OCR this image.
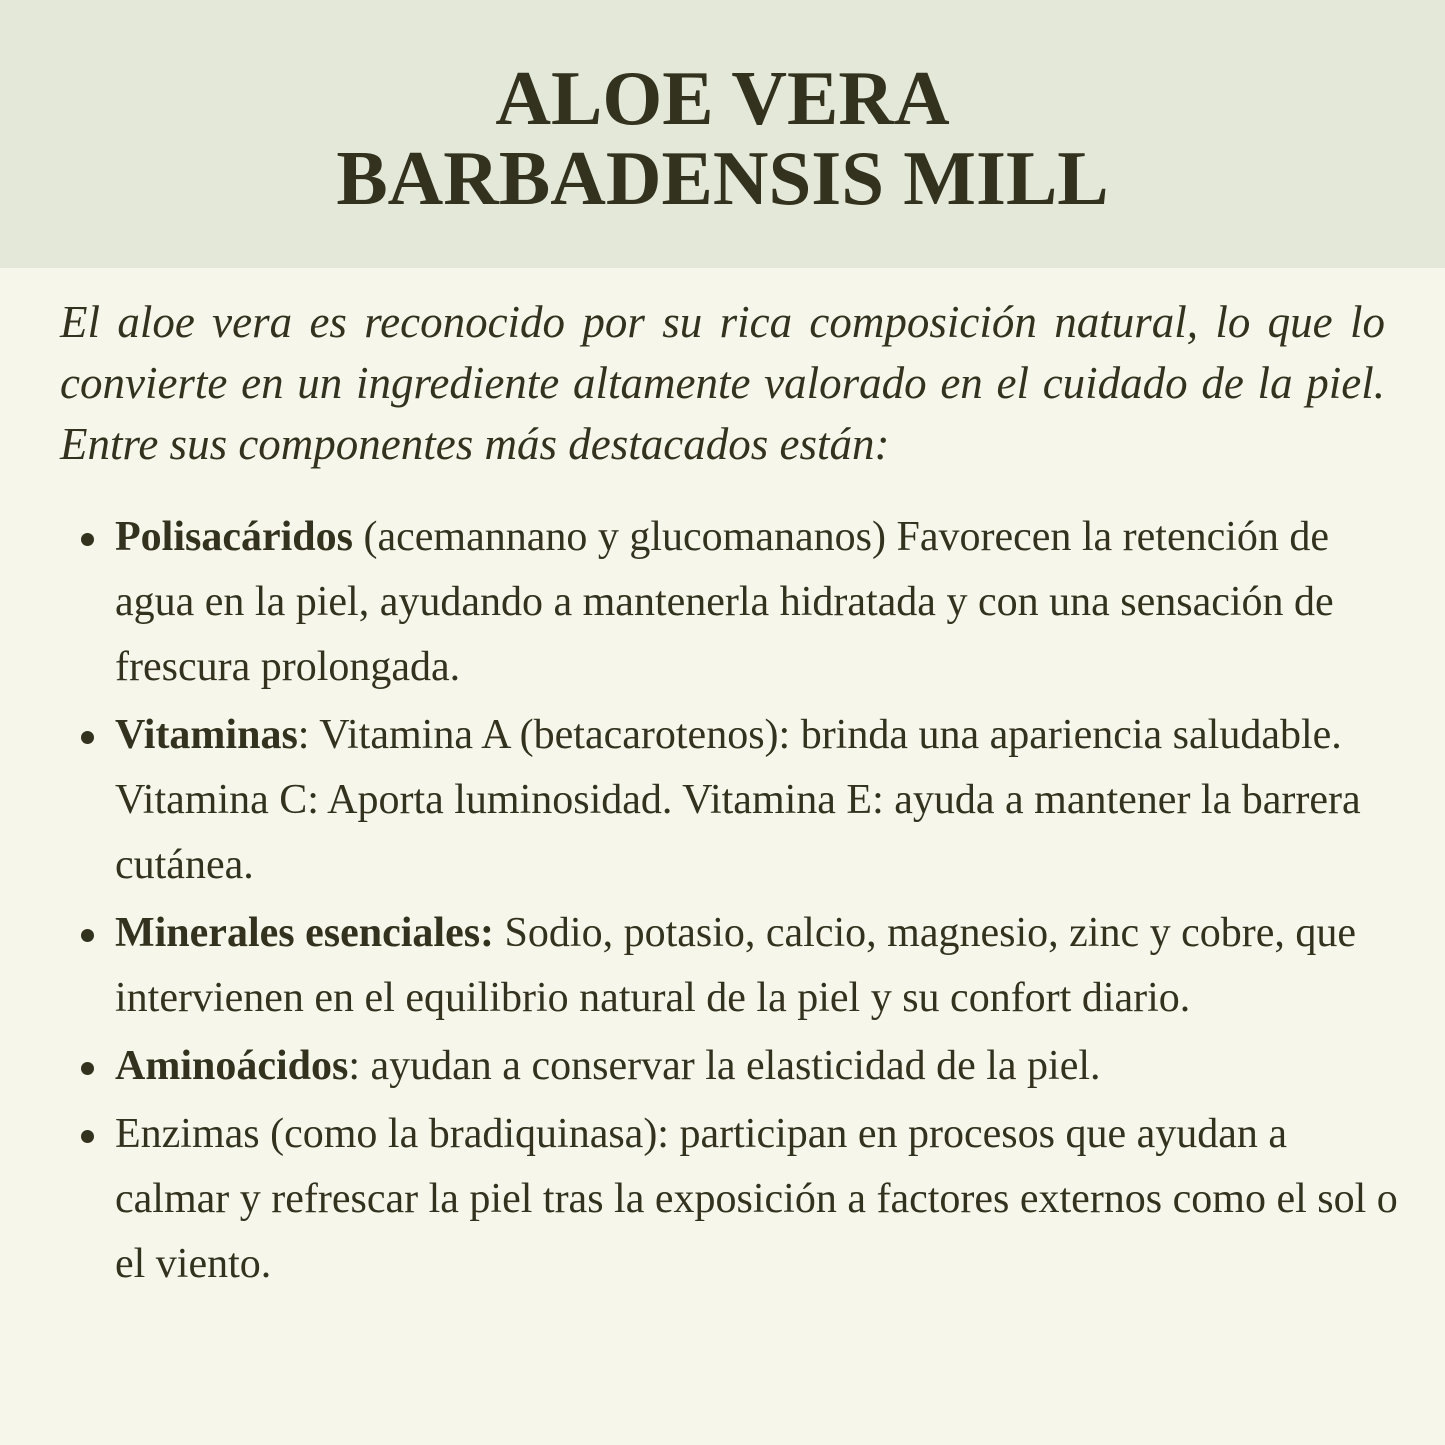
ALOE VERA
BARBADENSIS MILL

El aloe vera es reconocido por su rica composición natural, lo que lo convierte en un ingrediente altamente valorado en el cuidado de la piel. Entre sus componentes más destacados están:

Polisacáridos (acemannano y glucomananos) Favorecen la retención de agua en la piel, ayudando a mantenerla hidratada y con una sensación de frescura prolongada.
Vitaminas: Vitamina A (betacarotenos): brinda una apariencia saludable. Vitamina C: Aporta luminosidad. Vitamina E: ayuda a mantener la barrera cutánea.
Minerales esenciales: Sodio, potasio, calcio, magnesio, zinc y cobre, que intervienen en el equilibrio natural de la piel y su confort diario.
Aminoácidos: ayudan a conservar la elasticidad de la piel.
Enzimas (como la bradiquinasa): participan en procesos que ayudan a calmar y refrescar la piel tras la exposición a factores externos como el sol o el viento.
